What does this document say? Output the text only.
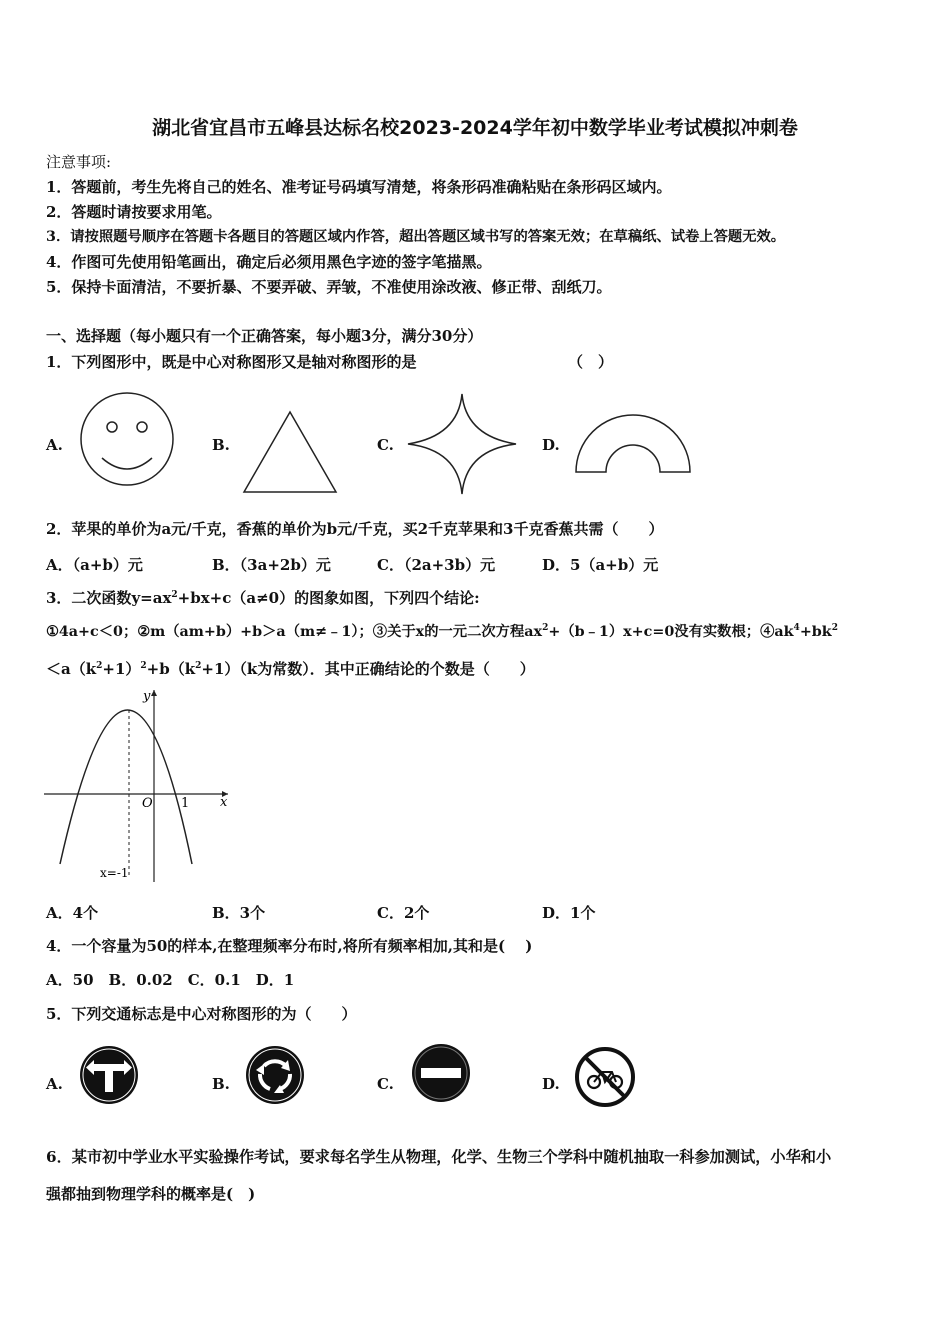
湖北省宜昌市五峰县达标名校2023-2024学年初中数学毕业考试模拟冲刺卷
注意事项:
1．答题前，考生先将自己的姓名、准考证号码填写清楚，将条形码准确粘贴在条形码区域内。
2．答题时请按要求用笔。
3．请按照题号顺序在答题卡各题目的答题区域内作答，超出答题区域书写的答案无效；在草稿纸、试卷上答题无效。
4．作图可先使用铅笔画出，确定后必须用黑色字迹的签字笔描黑。
5．保持卡面清洁，不要折暴、不要弄破、弄皱，不准使用涂改液、修正带、刮纸刀。
一、选择题（每小题只有一个正确答案，每小题3分，满分30分）
1．下列图形中，既是中心对称图形又是轴对称图形的是	（　）
A.	B.	C.	D.
2．苹果的单价为a元/千克，香蕉的单价为b元/千克，买2千克苹果和3千克香蕉共需（　　）
A．（a+b）元	B．（3a+2b）元	C．（2a+3b）元	D．5（a+b）元
3．二次函数$y=ax^2+bx+c(a\ne 0)$的图象如图，下列四个结论:
①4a+c＜0；②m（am+b）+b＞a（m≠﹣1）；③关于x的一元二次方程$ax^2+(b﹣1)x+c=0$没有实数根；$④ak^4+bk^2$
$<a(k^2+1)^2+b(k^2+1)(k$为常数）．其中正确结论的个数是（　　）
y
x
O 1
x=-1
A．4个	B．3个	C．2个	D．1个
4．一个容量为50的样本,在整理频率分布时,将所有频率相加,其和是(　 )
A．50　B．0.02　C．0.1　D．1
5．下列交通标志是中心对称图形的为（　　）
A.	B.	C.	D.
6．某市初中学业水平实验操作考试，要求每名学生从物理，化学、生物三个学科中随机抽取一科参加测试，小华和小
强都抽到物理学科的概率是(　)
